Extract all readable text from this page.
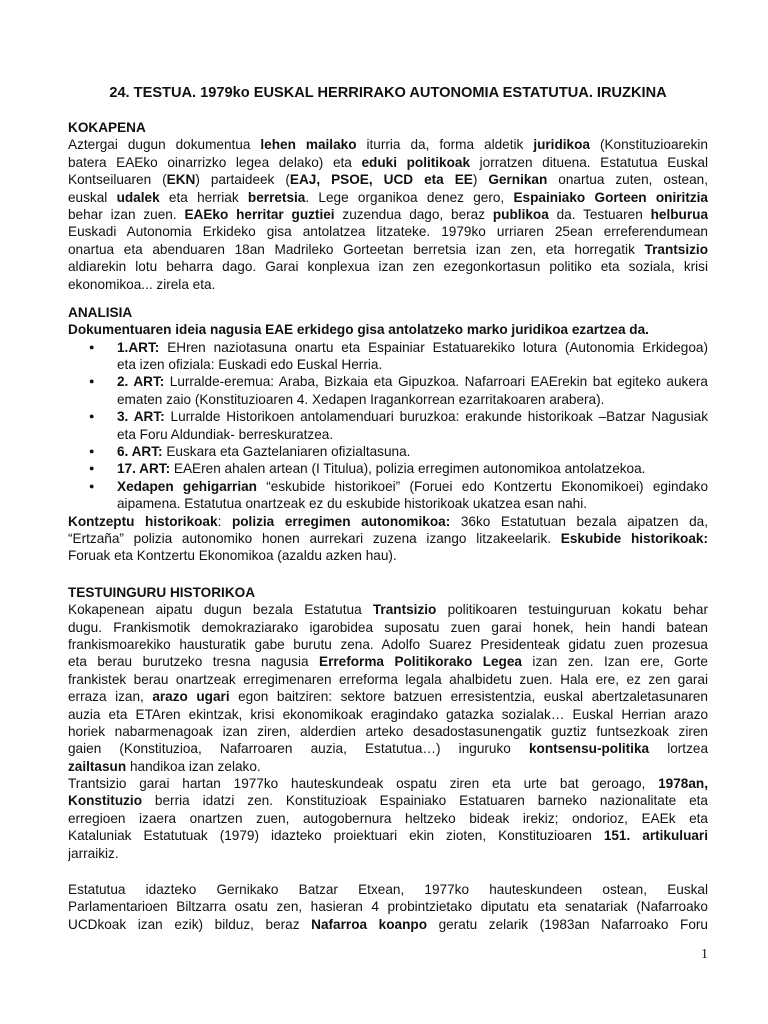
24. TESTUA. 1979ko EUSKAL HERRIRAKO AUTONOMIA ESTATUTUA. IRUZKINA
KOKAPENA
Aztergai dugun dokumentua lehen mailako iturria da, forma aldetik juridikoa (Konstituzioarekin
batera EAEko oinarrizko legea delako) eta eduki politikoak jorratzen dituena. Estatutua Euskal
Kontseiluaren (EKN) partaideek (EAJ, PSOE, UCD eta EE) Gernikan onartua zuten, ostean,
euskal udalek eta herriak berretsia. Lege organikoa denez gero, Espainiako Gorteen oniritzia
behar izan zuen. EAEko herritar guztiei zuzendua dago, beraz publikoa da. Testuaren helburua
Euskadi Autonomia Erkideko gisa antolatzea litzateke. 1979ko urriaren 25ean erreferendumean
onartua eta abenduaren 18an Madrileko Gorteetan berretsia izan zen, eta horregatik Trantsizio
aldiarekin lotu beharra dago. Garai konplexua izan zen ezegonkortasun politiko eta soziala, krisi
ekonomikoa... zirela eta.
ANALISIA
Dokumentuaren ideia nagusia EAE erkidego gisa antolatzeko marko juridikoa ezartzea da.
● 1.ART: EHren naziotasuna onartu eta Espainiar Estatuarekiko lotura (Autonomia Erkidegoa)
eta izen ofiziala: Euskadi edo Euskal Herria.
● 2. ART: Lurralde-eremua: Araba, Bizkaia eta Gipuzkoa. Nafarroari EAErekin bat egiteko aukera
ematen zaio (Konstituzioaren 4. Xedapen Iragankorrean ezarritakoaren arabera).
● 3. ART: Lurralde Historikoen antolamenduari buruzkoa: erakunde historikoak –Batzar Nagusiak
eta Foru Aldundiak- berreskuratzea.
● 6. ART: Euskara eta Gaztelaniaren ofizialtasuna.
● 17. ART: EAEren ahalen artean (I Titulua), polizia erregimen autonomikoa antolatzekoa.
● Xedapen gehigarrian “eskubide historikoei” (Foruei edo Kontzertu Ekonomikoei) egindako
aipamena. Estatutua onartzeak ez du eskubide historikoak ukatzea esan nahi.
Kontzeptu historikoak: polizia erregimen autonomikoa: 36ko Estatutuan bezala aipatzen da,
“Ertzaña” polizia autonomiko honen aurrekari zuzena izango litzakeelarik. Eskubide historikoak:
Foruak eta Kontzertu Ekonomikoa (azaldu azken hau).
TESTUINGURU HISTORIKOA
Kokapenean aipatu dugun bezala Estatutua Trantsizio politikoaren testuinguruan kokatu behar
dugu. Frankismotik demokraziarako igarobidea suposatu zuen garai honek, hein handi batean
frankismoarekiko hausturatik gabe burutu zena. Adolfo Suarez Presidenteak gidatu zuen prozesua
eta berau burutzeko tresna nagusia Erreforma Politikorako Legea izan zen. Izan ere, Gorte
frankistek berau onartzeak erregimenaren erreforma legala ahalbidetu zuen. Hala ere, ez zen garai
erraza izan, arazo ugari egon baitziren: sektore batzuen erresistentzia, euskal abertzaletasunaren
auzia eta ETAren ekintzak, krisi ekonomikoak eragindako gatazka sozialak… Euskal Herrian arazo
horiek nabarmenagoak izan ziren, alderdien arteko desadostasunengatik guztiz funtsezkoak ziren
gaien (Konstituzioa, Nafarroaren auzia, Estatutua…) inguruko kontsensu-politika lortzea
zailtasun handikoa izan zelako.
Trantsizio garai hartan 1977ko hauteskundeak ospatu ziren eta urte bat geroago, 1978an,
Konstituzio berria idatzi zen. Konstituzioak Espainiako Estatuaren barneko nazionalitate eta
erregioen izaera onartzen zuen, autogobernura heltzeko bideak irekiz; ondorioz, EAEk eta
Kataluniak Estatutuak (1979) idazteko proiektuari ekin zioten, Konstituzioaren 151. artikuluari
jarraikiz.
Estatutua idazteko Gernikako Batzar Etxean, 1977ko hauteskundeen ostean, Euskal
Parlamentarioen Biltzarra osatu zen, hasieran 4 probintzietako diputatu eta senatariak (Nafarroako
UCDkoak izan ezik) bilduz, beraz Nafarroa koanpo geratu zelarik (1983an Nafarroako Foru
1
